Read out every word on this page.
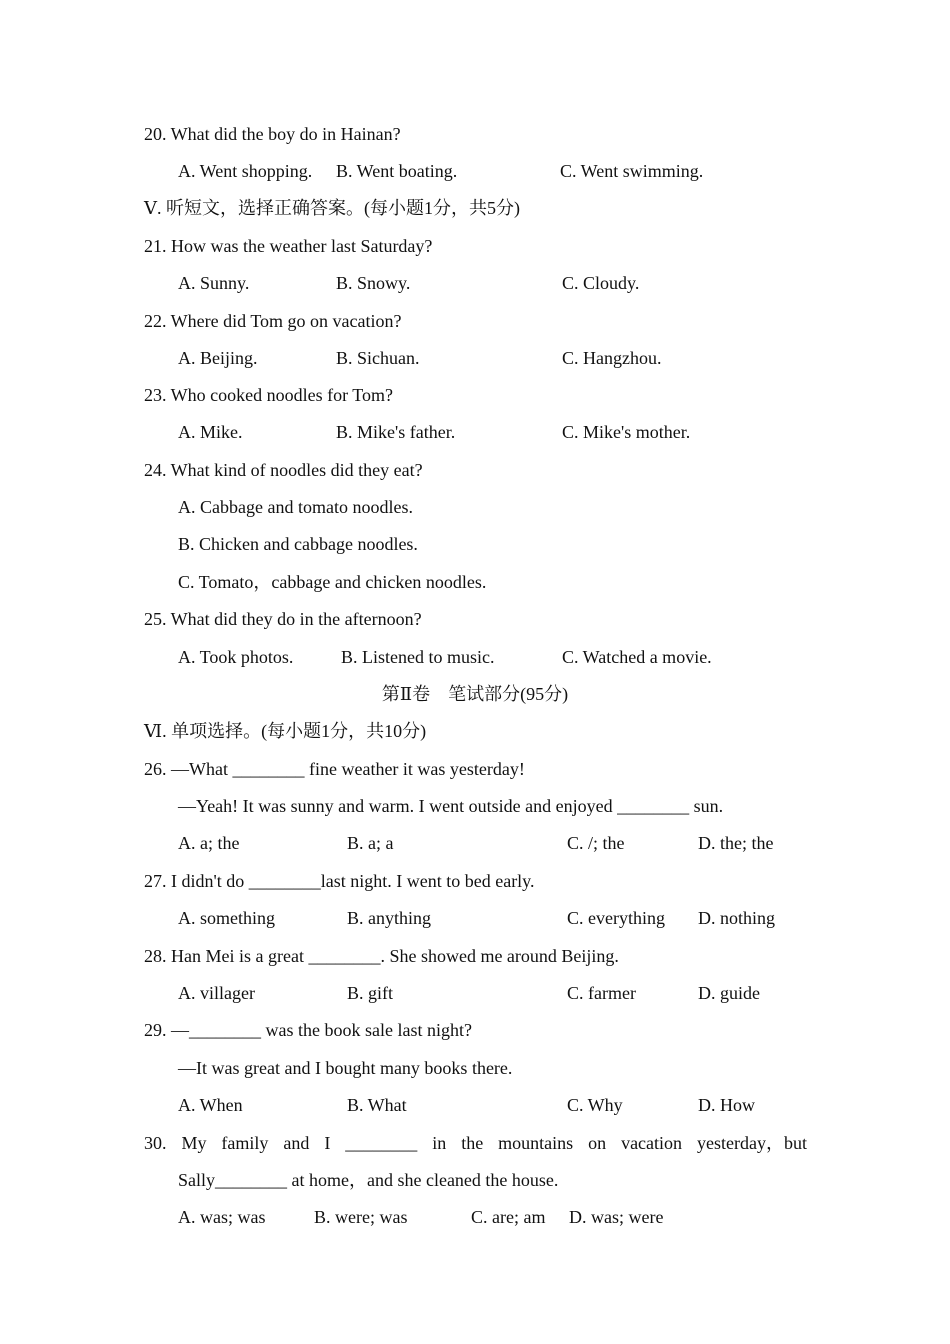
20. What did the boy do in Hainan?
A. Went shopping. B. Went boating.	C. Went swimming.
Ⅴ. 听短文，选择正确答案。(每小题1分，共5分)
21. How was the weather last Saturday?
A. Sunny.	B. Snowy.	C. Cloudy.
22. Where did Tom go on vacation?
A. Beijing.	B. Sichuan.	C. Hangzhou.
23. Who cooked noodles for Tom?
A. Mike.	B. Mike's father.	C. Mike's mother.
24. What kind of noodles did they eat?
A. Cabbage and tomato noodles.
B. Chicken and cabbage noodles.
C. Tomato，cabbage and chicken noodles.
25. What did they do in the afternoon?
A. Took photos.	B. Listened to music.	C. Watched a movie.
第Ⅱ卷　笔试部分(95分)
Ⅵ. 单项选择。(每小题1分，共10分)
26. —What ________ fine weather it was yesterday!
—Yeah! It was sunny and warm. I went outside and enjoyed ________ sun.
A. a; the	B. a; a	C. /; the	D. the; the
27. I didn't do ________last night. I went to bed early.
A. something	B. anything	C. everything D. nothing
28. Han Mei is a great ________. She showed me around Beijing.
A. villager	B. gift	C. farmer	D. guide
29. —________ was the book sale last night?
—It was great and I bought many books there.
A. When	B. What	C. Why	D. How
30. My family and I ________ in the mountains on vacation yesterday，but
Sally________ at home，and she cleaned the house.
A. was; was	B. were; was	C. are; am D. was; were
